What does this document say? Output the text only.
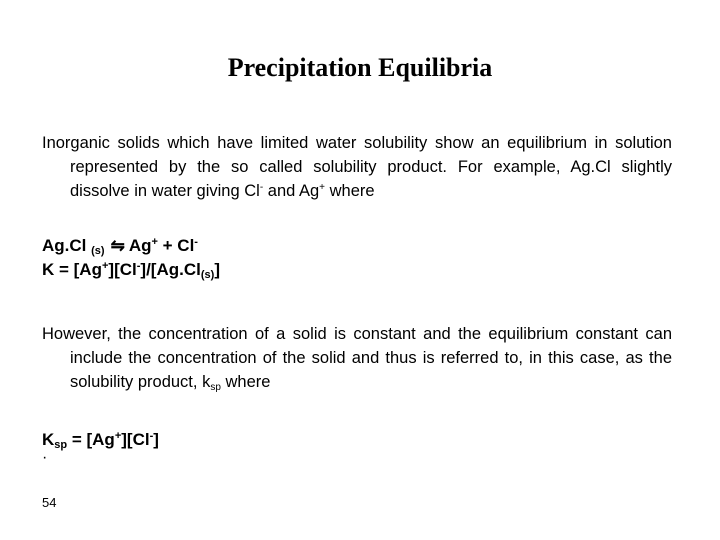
Precipitation Equilibria
Inorganic solids which have limited water solubility show an equilibrium in solution represented by the so called solubility product. For example, Ag.Cl slightly dissolve in water giving Cl- and Ag+ where
Ag.Cl $_{(s)}$ ⇋ Ag+ + Cl-
$K = [Ag^+][Cl^-]/[Ag.Cl_{(s)}]$
However, the concentration of a solid is constant and the equilibrium constant can include the concentration of the solid and thus is referred to, in this case, as the solubility product, $k_{sp}$ where
$K_{sp} = [Ag^+][Cl^-]$
·
54
